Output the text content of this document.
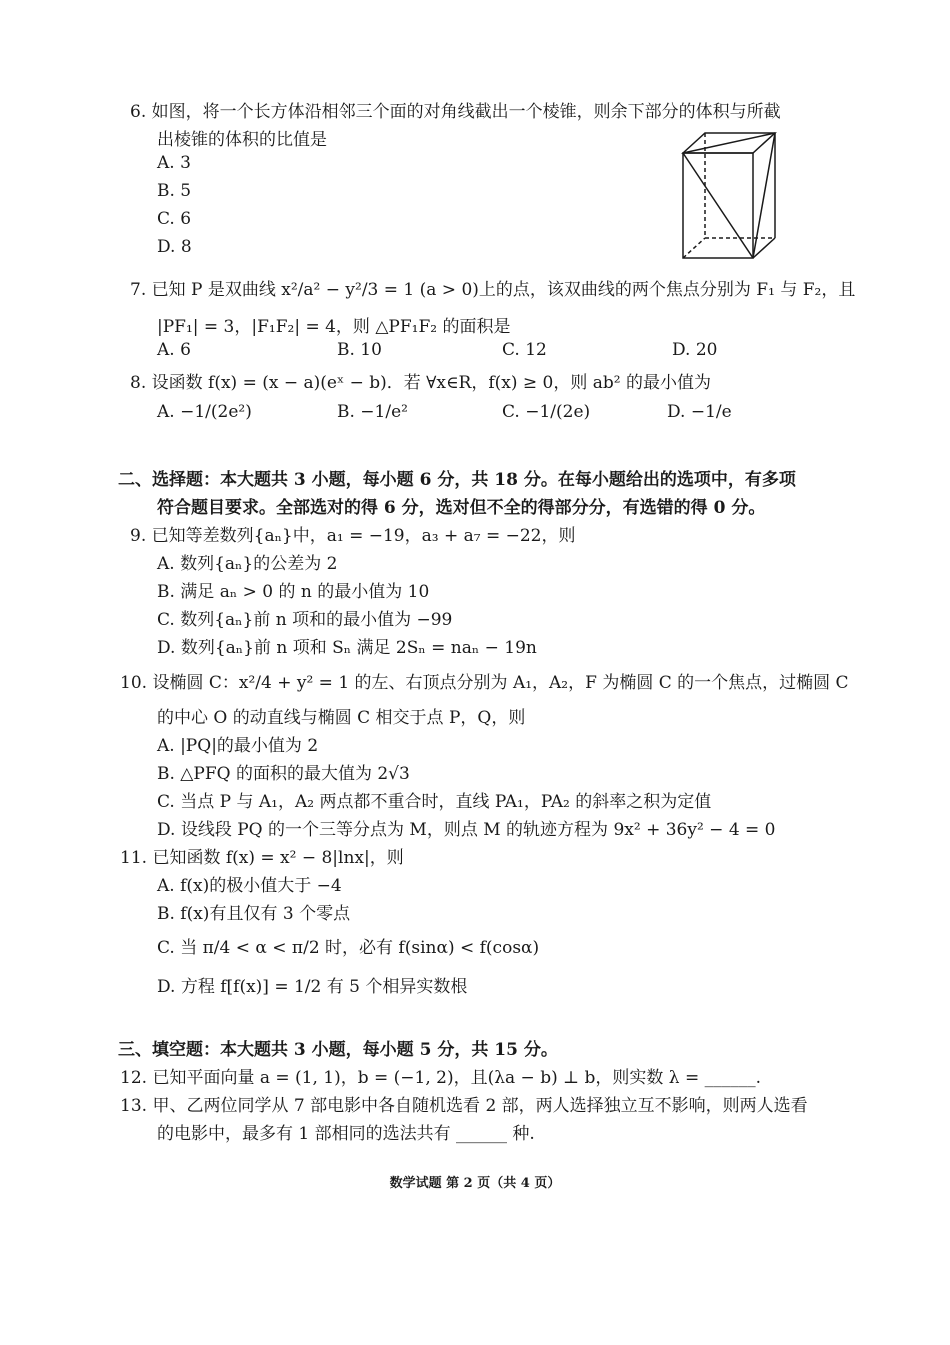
6. 如图，将一个长方体沿相邻三个面的对角线截出一个棱锥，则余下部分的体积与所截
出棱锥的体积的比值是
A. 3
B. 5
C. 6
D. 8
7. 已知 P 是双曲线 x²/a² − y²/3 = 1 (a > 0)上的点，该双曲线的两个焦点分别为 F₁ 与 F₂，且
|PF₁| = 3，|F₁F₂| = 4，则 △PF₁F₂ 的面积是
A. 6	B. 10	C. 12	D. 20
8. 设函数 f(x) = (x − a)(eˣ − b)．若 ∀x∈R，f(x) ≥ 0，则 ab² 的最小值为
A. −1/(2e²)	B. −1/e²	C. −1/(2e)	D. −1/e
二、选择题：本大题共 3 小题，每小题 6 分，共 18 分。在每小题给出的选项中，有多项
符合题目要求。全部选对的得 6 分，选对但不全的得部分分，有选错的得 0 分。
9. 已知等差数列{aₙ}中，a₁ = −19，a₃ + a₇ = −22，则
A. 数列{aₙ}的公差为 2
B. 满足 aₙ > 0 的 n 的最小值为 10
C. 数列{aₙ}前 n 项和的最小值为 −99
D. 数列{aₙ}前 n 项和 Sₙ 满足 2Sₙ = naₙ − 19n
10. 设椭圆 C：x²/4 + y² = 1 的左、右顶点分别为 A₁，A₂，F 为椭圆 C 的一个焦点，过椭圆 C
的中心 O 的动直线与椭圆 C 相交于点 P，Q，则
A. |PQ|的最小值为 2
B. △PFQ 的面积的最大值为 2√3
C. 当点 P 与 A₁，A₂ 两点都不重合时，直线 PA₁，PA₂ 的斜率之积为定值
D. 设线段 PQ 的一个三等分点为 M，则点 M 的轨迹方程为 9x² + 36y² − 4 = 0
11. 已知函数 f(x) = x² − 8|lnx|，则
A. f(x)的极小值大于 −4
B. f(x)有且仅有 3 个零点
C. 当 π/4 < α < π/2 时，必有 f(sinα) < f(cosα)
D. 方程 f[f(x)] = 1/2 有 5 个相异实数根
三、填空题：本大题共 3 小题，每小题 5 分，共 15 分。
12. 已知平面向量 a = (1, 1)，b = (−1, 2)，且(λa − b) ⊥ b，则实数 λ = ______.
13. 甲、乙两位同学从 7 部电影中各自随机选看 2 部，两人选择独立互不影响，则两人选看
的电影中，最多有 1 部相同的选法共有 ______ 种.
数学试题 第 2 页（共 4 页）
